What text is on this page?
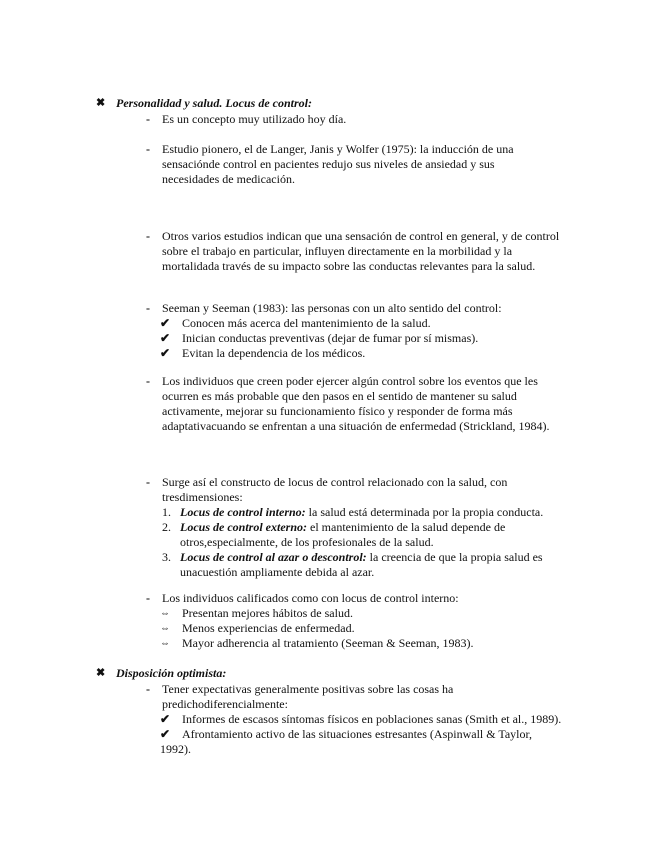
✖ Personalidad y salud. Locus de control:
-	Es un concepto muy utilizado hoy día.
-	Estudio pionero, el de Langer, Janis y Wolfer (1975): la inducción de una sensaciónde control en pacientes redujo sus niveles de ansiedad y sus necesidades de medicación.
-	Otros varios estudios indican que una sensación de control en general, y de control sobre el trabajo en particular, influyen directamente en la morbilidad y la mortalidada través de su impacto sobre las conductas relevantes para la salud.
-	Seeman y Seeman (1983): las personas con un alto sentido del control:
✔ Conocen más acerca del mantenimiento de la salud.
✔ Inician conductas preventivas (dejar de fumar por sí mismas).
✔ Evitan la dependencia de los médicos.
-	Los individuos que creen poder ejercer algún control sobre los eventos que les ocurren es más probable que den pasos en el sentido de mantener su salud activamente, mejorar su funcionamiento físico y responder de forma más adaptativacuando se enfrentan a una situación de enfermedad (Strickland, 1984).
-	Surge así el constructo de locus de control relacionado con la salud, con tresdimensiones:
1. Locus de control interno: la salud está determinada por la propia conducta.
2. Locus de control externo: el mantenimiento de la salud depende de otros,especialmente, de los profesionales de la salud.
3. Locus de control al azar o descontrol: la creencia de que la propia salud es unacuestión ampliamente debida al azar.
-	Los individuos calificados como con locus de control interno:
⇔	Presentan mejores hábitos de salud.
⇔	Menos experiencias de enfermedad.
⇔	Mayor adherencia al tratamiento (Seeman & Seeman, 1983).
✖ Disposición optimista:
-	Tener expectativas generalmente positivas sobre las cosas ha predichodiferencialmente:
✔ Informes de escasos síntomas físicos en poblaciones sanas (Smith et al., 1989).
✔ Afrontamiento activo de las situaciones estresantes (Aspinwall & Taylor, 1992).
